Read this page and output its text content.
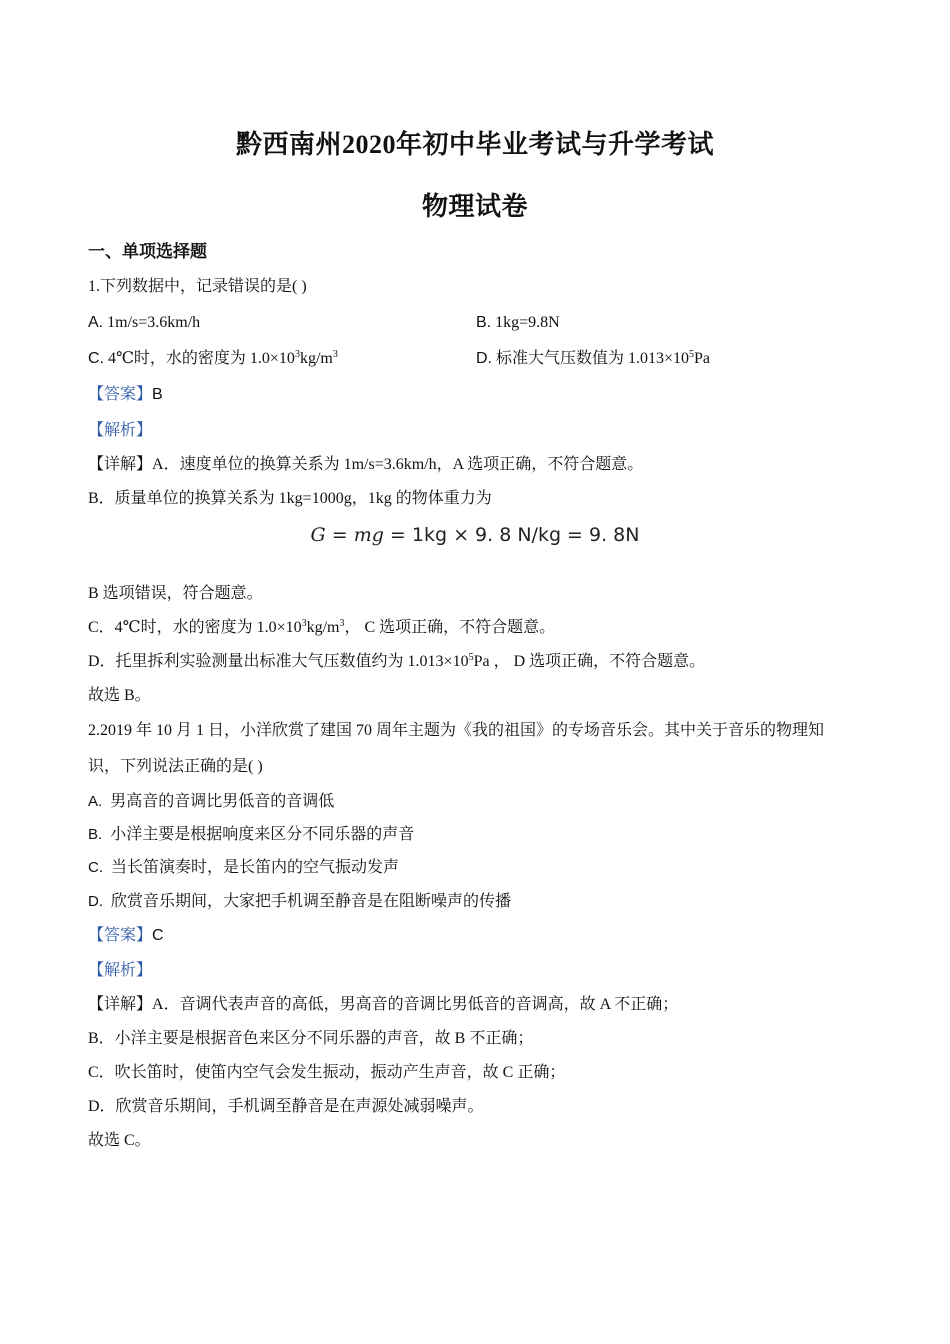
黔西南州2020年初中毕业考试与升学考试
物理试卷
一、单项选择题
1.下列数据中，记录错误的是( )
A. 1m/s=3.6km/h	B. 1kg=9.8N
C. 4℃时，水的密度为 $1.0\times 10^3kg/m^3$	D. 标准大气压数值为 $1.013\times 10^5Pa$
【答案】B
【解析】
【详解】A．速度单位的换算关系为 1m/s=3.6km/h，A 选项正确，不符合题意。
B．质量单位的换算关系为 1kg=1000g，1kg 的物体重力为
G = mg = 1kg × 9. 8 N/kg = 9. 8N
B 选项错误，符合题意。
C．4℃时，水的密度为 $1.0\times 10^3kg/m^3$， C 选项正确，不符合题意。
D．托里拆利实验测量出标准大气压数值约为 $1.013\times 10^5Pa$ ， D 选项正确，不符合题意。
故选 B。
2.2019 年 10 月 1 日，小洋欣赏了建国 70 周年主题为《我的祖国》的专场音乐会。其中关于音乐的物理知
识，下列说法正确的是( )
A. 男高音的音调比男低音的音调低
B. 小洋主要是根据响度来区分不同乐器的声音
C. 当长笛演奏时，是长笛内的空气振动发声
D. 欣赏音乐期间，大家把手机调至静音是在阻断噪声的传播
【答案】C
【解析】
【详解】A．音调代表声音的高低，男高音的音调比男低音的音调高，故 A 不正确；
B．小洋主要是根据音色来区分不同乐器的声音，故 B 不正确；
C．吹长笛时，使笛内空气会发生振动，振动产生声音，故 C 正确；
D．欣赏音乐期间，手机调至静音是在声源处减弱噪声。
故选 C。
